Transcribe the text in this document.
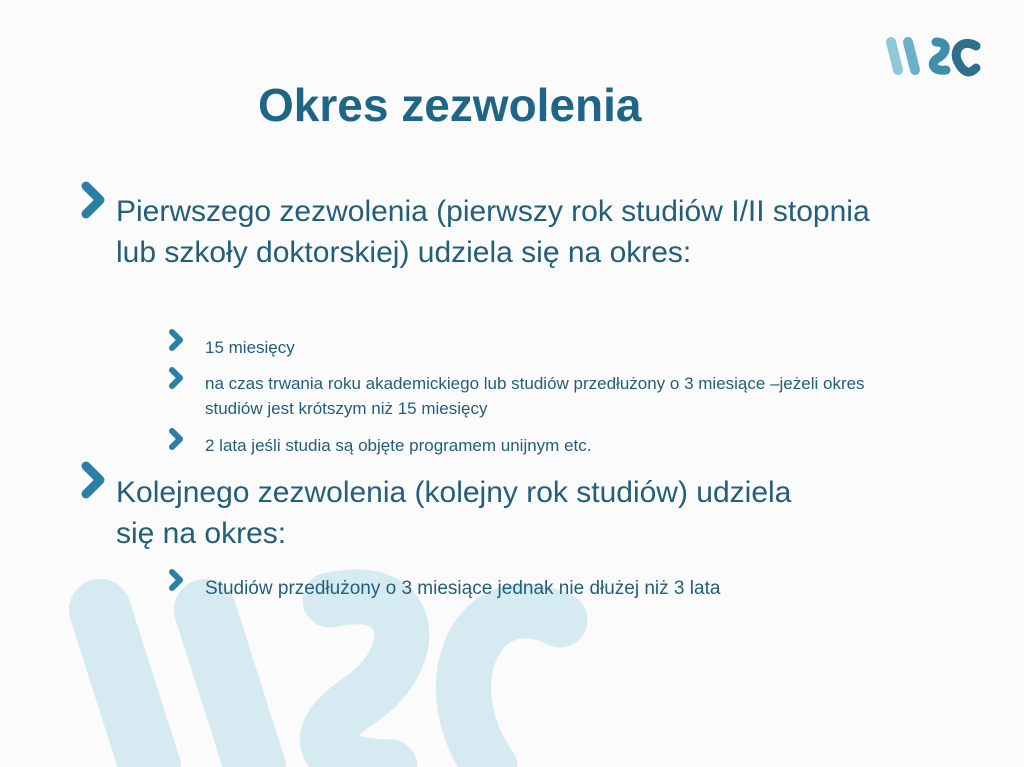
Okres zezwolenia
Pierwszego zezwolenia (pierwszy rok studiów I/II stopnia lub szkoły doktorskiej) udziela się na okres:
15 miesięcy
na czas trwania roku akademickiego lub studiów przedłużony o 3 miesiące –jeżeli okres studiów jest krótszym niż 15 miesięcy
2 lata jeśli studia są objęte programem unijnym etc.
Kolejnego zezwolenia (kolejny rok studiów) udziela się na okres:
Studiów przedłużony o 3 miesiące jednak nie dłużej niż 3 lata
